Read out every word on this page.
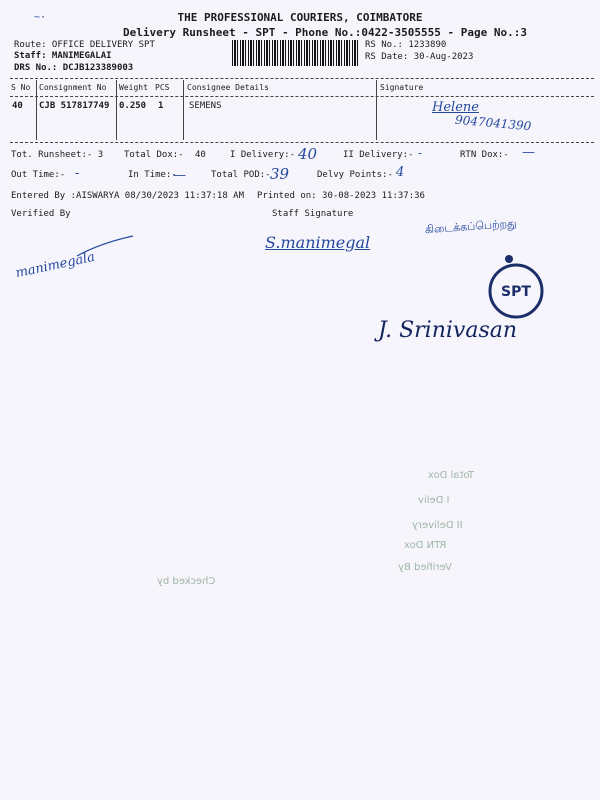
THE PROFESSIONAL COURIERS, COIMBATORE
~·
Delivery Runsheet - SPT - Phone No.:0422-3505555 - Page No.:3
Route: OFFICE DELIVERY SPT
Staff: MANIMEGALAI
DRS No.: DCJB123389003
RS No.: 1233890
RS Date: 30-Aug-2023
S No Consignment No Weight PCS Consignee Details	Signature
40 CJB 517817749 0.250 1	SEMENS	Helene
9047041390
Tot. Runsheet:- 3 Total Dox:- 40	I Delivery:- 40	II Delivery:- -	RTN Dox:- —
Out Time:- -	In Time:-
—	Total POD:- 39	Delvy Points:- 4
Entered By :AISWARYA 08/30/2023 11:37:18 AM Printed on: 30-08-2023 11:37:36
Verified By	Staff Signature
manimegala
S.manimegal
கிடைக்கப்பெற்றது
SPT
J. Srinivasan
Total Dox
I Deliv
II Delivery
RTN Dox
Verified By
Checked by
